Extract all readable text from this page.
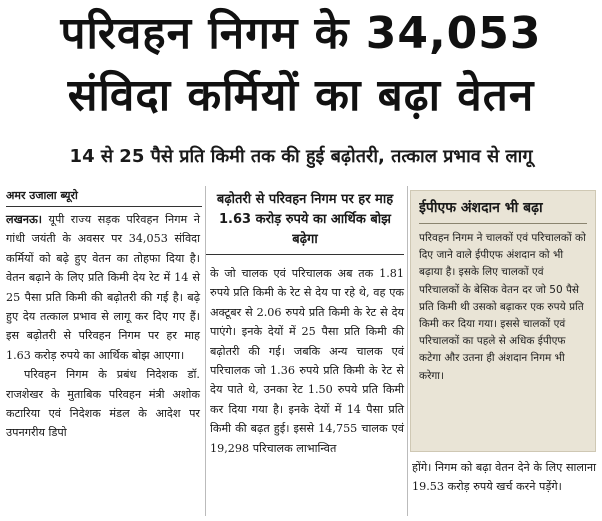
परिवहन निगम के 34,053
संविदा कर्मियों का बढ़ा वेतन
14 से 25 पैसे प्रति किमी तक की हुई बढ़ोतरी, तत्काल प्रभाव से लागू
अमर उजाला ब्यूरो

लखनऊ। यूपी राज्य सड़क परिवहन निगम ने गांधी जयंती के अवसर पर 34,053 संविदा कर्मियों को बढ़े हुए वेतन का तोहफा दिया है। वेतन बढ़ाने के लिए प्रति किमी देय रेट में 14 से 25 पैसा प्रति किमी की बढ़ोतरी की गई है। बढ़े हुए देय तत्काल प्रभाव से लागू कर दिए गए हैं। इस बढ़ोतरी से परिवहन निगम पर हर माह 1.63 करोड़ रुपये का आर्थिक बोझ आएगा।

परिवहन निगम के प्रबंध निदेशक डॉ. राजशेखर के मुताबिक परिवहन मंत्री अशोक कटारिया एवं निदेशक मंडल के आदेश पर उपनगरीय डिपो

बढ़ोतरी से परिवहन निगम पर हर माह 1.63 करोड़ रुपये का आर्थिक बोझ बढ़ेगा

के जो चालक एवं परिचालक अब तक 1.81 रुपये प्रति किमी के रेट से देय पा रहे थे, वह एक अक्टूबर से 2.06 रुपये प्रति किमी के रेट से देय पाएंगे। इनके देयों में 25 पैसा प्रति किमी की बढ़ोतरी की गई। जबकि अन्य चालक एवं परिचालक जो 1.36 रुपये प्रति किमी के रेट से देय पाते थे, उनका रेट 1.50 रुपये प्रति किमी कर दिया गया है। इनके देयों में 14 पैसा प्रति किमी की बढ़त हुई। इससे 14,755 चालक एवं 19,298 परिचालक लाभान्वित

ईपीएफ अंशदान भी बढ़ा
परिवहन निगम ने चालकों एवं परिचालकों को दिए जाने वाले ईपीएफ अंशदान को भी बढ़ाया है। इसके लिए चालकों एवं परिचालकों के बेसिक वेतन दर जो 50 पैसे प्रति किमी थी उसको बढ़ाकर एक रुपये प्रति किमी कर दिया गया। इससे चालकों एवं परिचालकों का पहले से अधिक ईपीएफ कटेगा और उतना ही अंशदान निगम भी करेगा।

होंगे। निगम को बढ़ा वेतन देने के लिए सालाना 19.53 करोड़ रुपये खर्च करने पड़ेंगे।
